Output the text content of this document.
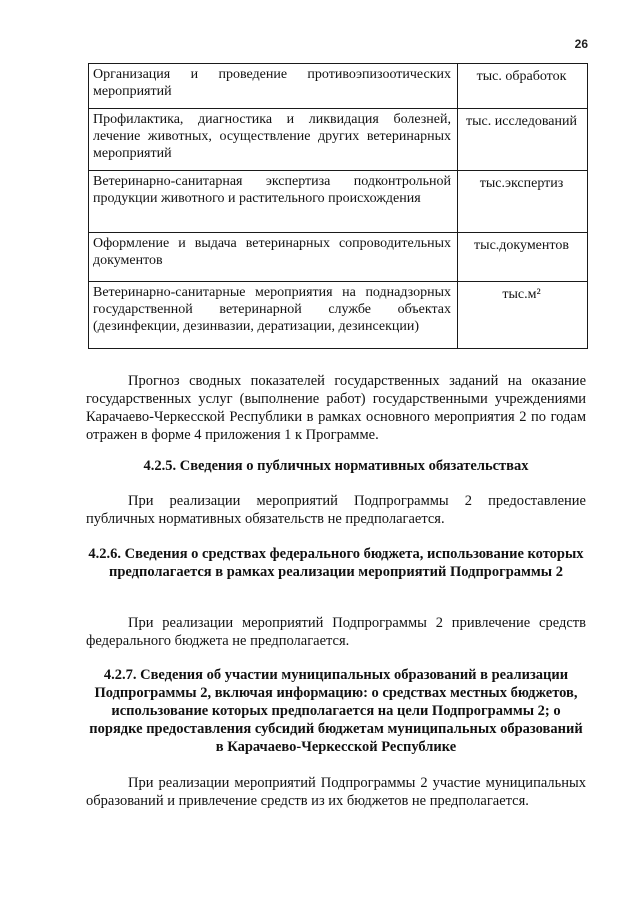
26
Организация и проведение противоэпизоотических мероприятий	тыс. обработок
Профилактика, диагностика и ликвидация болезней, лечение животных, осуществление других ветеринарных мероприятий	тыс. исследований
Ветеринарно-санитарная экспертиза подконтрольной продукции животного и растительного происхождения	тыс.экспертиз
Оформление и выдача ветеринарных сопроводительных документов	тыс.документов
Ветеринарно-санитарные мероприятия на поднадзорных государственной ветеринарной службе объектах (дезинфекции, дезинвазии, дератизации, дезинсекции)	тыс.м²

Прогноз сводных показателей государственных заданий на оказание государственных услуг (выполнение работ) государственными учреждениями Карачаево-Черкесской Республики в рамках основного мероприятия 2 по годам отражен в форме 4 приложения 1 к Программе.

4.2.5. Сведения о публичных нормативных обязательствах

При реализации мероприятий Подпрограммы 2 предоставление публичных нормативных обязательств не предполагается.

4.2.6. Сведения о средствах федерального бюджета, использование которых предполагается в рамках реализации мероприятий Подпрограммы 2

При реализации мероприятий Подпрограммы 2 привлечение средств федерального бюджета не предполагается.

4.2.7. Сведения об участии муниципальных образований в реализации Подпрограммы 2, включая информацию: о средствах местных бюджетов, использование которых предполагается на цели Подпрограммы 2; о порядке предоставления субсидий бюджетам муниципальных образований в Карачаево-Черкесской Республике

При реализации мероприятий Подпрограммы 2 участие муниципальных образований и привлечение средств из их бюджетов не предполагается.
